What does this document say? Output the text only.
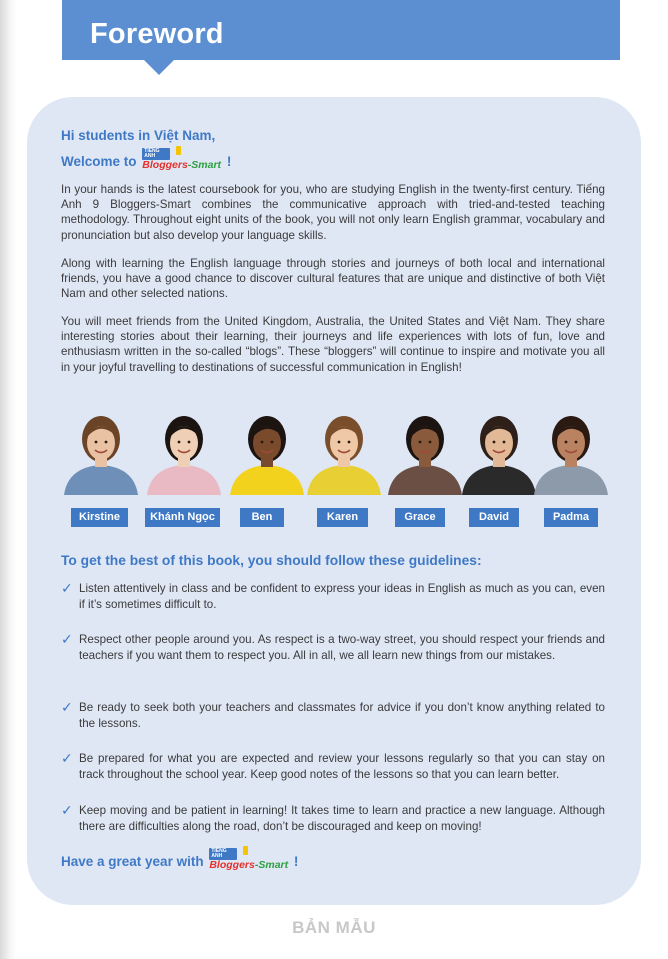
Foreword
Hi students in Việt Nam,
Welcome to
TIẾNG ANH
Bloggers-Smart !

In your hands is the latest coursebook for you, who are studying English in the twenty-first century. Tiếng Anh 9 Bloggers-Smart combines the communicative approach with tried-and-tested teaching methodology. Throughout eight units of the book, you will not only learn English grammar, vocabulary and pronunciation but also develop your language skills.

Along with learning the English language through stories and journeys of both local and international friends, you have a good chance to discover cultural features that are unique and distinctive of both Việt Nam and other selected nations.

You will meet friends from the United Kingdom, Australia, the United States and Việt Nam. They share interesting stories about their learning, their journeys and life experiences with lots of fun, love and enthusiasm written in the so-called “blogs”. These “bloggers” will continue to inspire and motivate you all in your joyful travelling to destinations of successful communication in English!

Kirstine	Khánh Ngọc	Ben	Karen	Grace	David	Padma
To get the best of this book, you should follow these guidelines:
✓ Listen attentively in class and be confident to express your ideas in English as much as you can, even if it’s sometimes difficult to.

✓ Respect other people around you. As respect is a two-way street, you should respect your friends and teachers if you want them to respect you. All in all, we all learn new things from our mistakes.

✓ Be ready to seek both your teachers and classmates for advice if you don’t know anything related to the lessons.

✓ Be prepared for what you are expected and review your lessons regularly so that you can stay on track throughout the school year. Keep good notes of the lessons so that you can learn better.

✓ Keep moving and be patient in learning! It takes time to learn and practice a new language. Although there are difficulties along the road, don’t be discouraged and keep on moving!

Have a great year with
TIẾNG ANH
Bloggers-Smart !
BẢN MẪU
